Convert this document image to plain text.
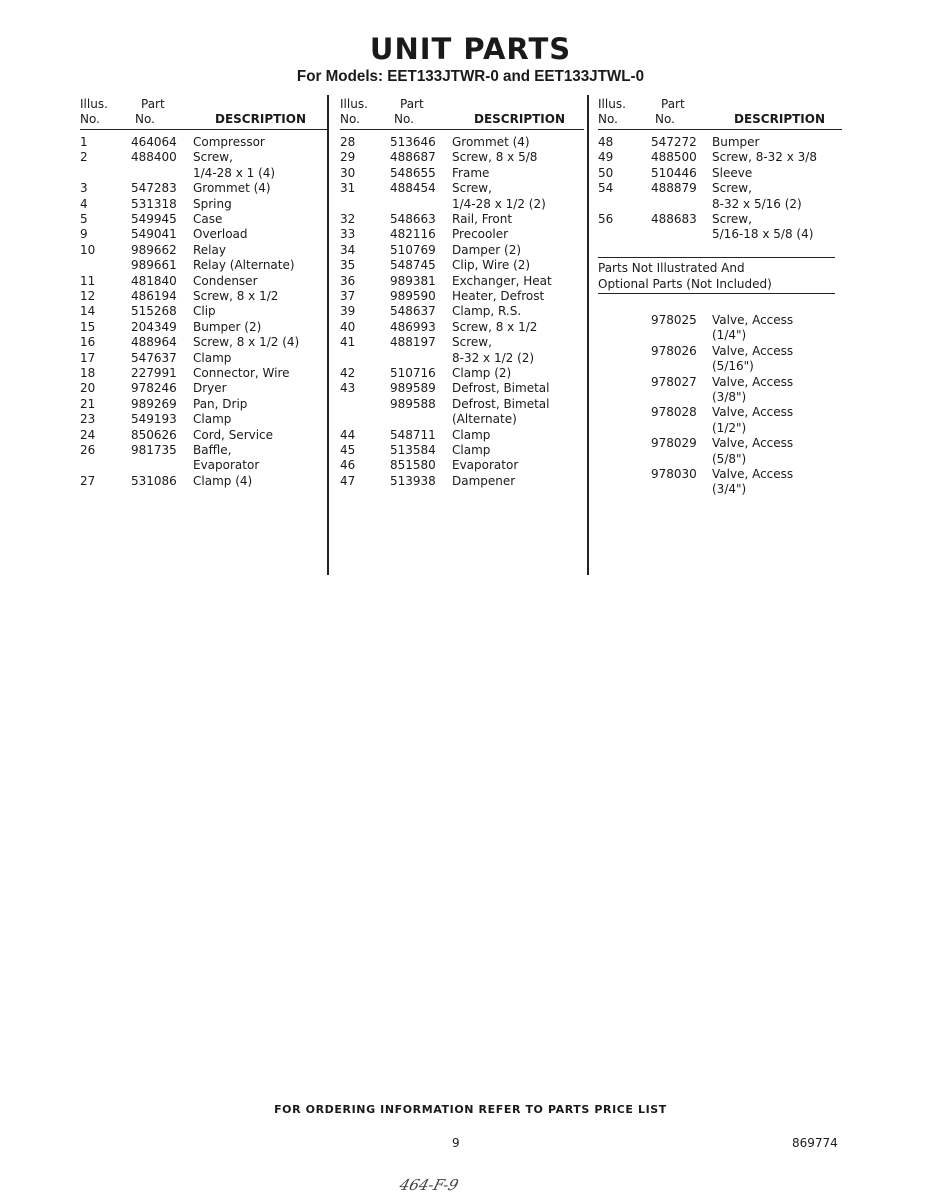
UNIT PARTS
For Models: EET133JTWR-0 and EET133JTWL-0
Illus.
No.
Part
No.	DESCRIPTION
1	464064 Compressor
2	488400 Screw,
1/4-28 x 1 (4)
3	547283 Grommet (4)
4	531318 Spring
5	549945 Case
9	549041 Overload
10	989662 Relay
989661 Relay (Alternate)
11	481840 Condenser
12	486194 Screw, 8 x 1/2
14	515268 Clip
15	204349 Bumper (2)
16	488964 Screw, 8 x 1/2 (4)
17	547637 Clamp
18	227991 Connector, Wire
20	978246 Dryer
21	989269 Pan, Drip
23	549193 Clamp
24	850626 Cord, Service
26	981735 Baffle,
Evaporator
27	531086 Clamp (4)
Illus.
No.
Part
No.	DESCRIPTION
28	513646 Grommet (4)
29	488687 Screw, 8 x 5/8
30	548655 Frame
31	488454 Screw,
1/4-28 x 1/2 (2)
32	548663 Rail, Front
33	482116 Precooler
34	510769 Damper (2)
35	548745 Clip, Wire (2)
36	989381 Exchanger, Heat
37	989590 Heater, Defrost
39	548637 Clamp, R.S.
40	486993 Screw, 8 x 1/2
41	488197 Screw,
8-32 x 1/2 (2)
42	510716 Clamp (2)
43	989589 Defrost, Bimetal
989588 Defrost, Bimetal
(Alternate)
44	548711 Clamp
45	513584 Clamp
46	851580 Evaporator
47	513938 Dampener
Illus.
No.
Part
No.	DESCRIPTION
48	547272 Bumper
49	488500 Screw, 8-32 x 3/8
50	510446 Sleeve
54	488879 Screw,
8-32 x 5/16 (2)
56	488683 Screw,
5/16-18 x 5/8 (4)
Parts Not Illustrated And
Optional Parts (Not Included)
978025 Valve, Access
(1/4")
978026 Valve, Access
(5/16")
978027 Valve, Access
(3/8")
978028 Valve, Access
(1/2")
978029 Valve, Access
(5/8")
978030 Valve, Access
(3/4")
FOR ORDERING INFORMATION REFER TO PARTS PRICE LIST
9	869774
464-F-9
